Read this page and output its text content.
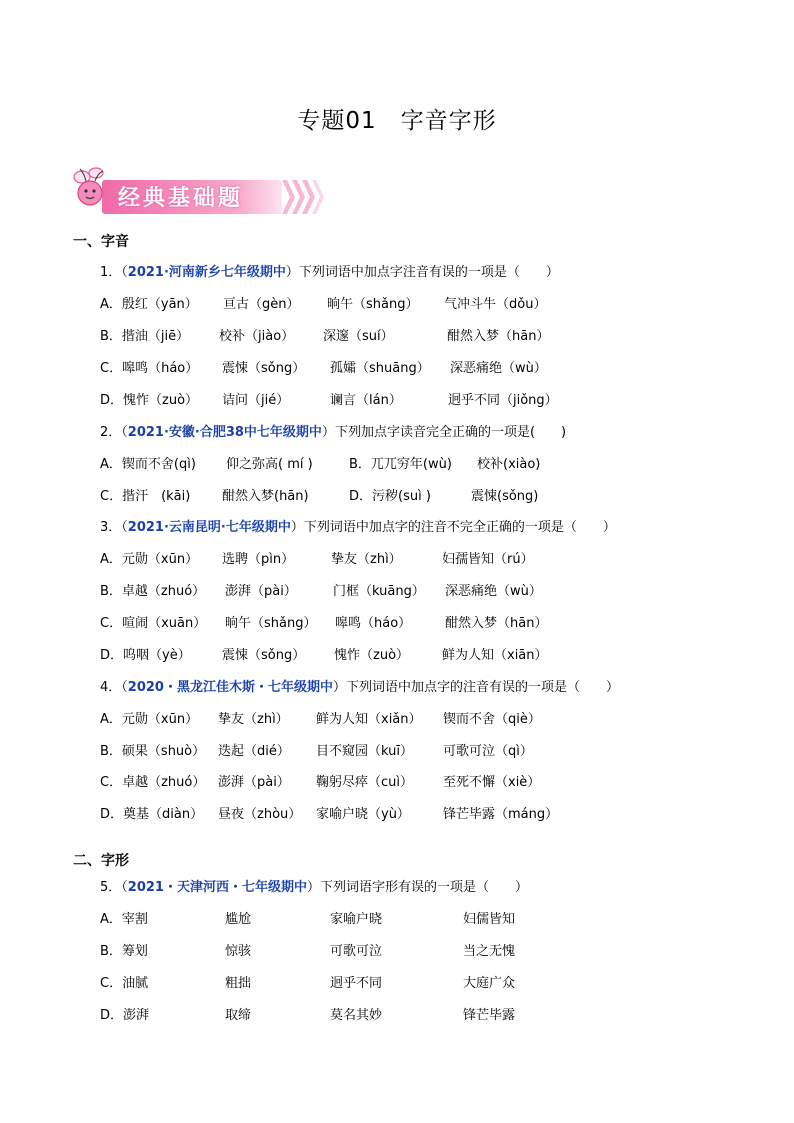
专题01　字音字形
经典基础题
一、字音
二、字形
1．（2021·河南新乡七年级期中）下列词语中加点字注音有误的一项是（　　）
A．殷红（yān） 亘古（gèn） 晌午（shǎng） 气冲斗牛（dǒu）
B．揩油（jiē） 校补（jiào） 深邃（suí）	酣然入梦（hān）
C．嗥鸣（háo） 震悚（sǒng） 孤孀（shuāng） 深恶痛绝（wù）
D．愧怍（zuò） 诘问（jié）	谰言（lán）	迥乎不同（jiǒng）
2．（2021·安徽·合肥38中七年级期中）下列加点字读音完全正确的一项是(　　)
A．锲而不舍(qì) 仰之弥高( mí )	B．兀兀穷年(wù) 校补(xiào)
C．揩汗　(kāi) 酣然入梦(hān)	D．污秽(suì )	震悚(sǒng)
3．（2021·云南昆明·七年级期中）下列词语中加点字的注音不完全正确的一项是（　　）
A．元勋（xūn） 选聘（pìn）	挚友（zhì）	妇孺皆知（rú）
B．卓越（zhuó） 澎湃（pài）	门框（kuāng） 深恶痛绝（wù）
C．喧闹（xuān） 晌午（shǎng） 嗥鸣（háo）	酣然入梦（hān）
D．呜咽（yè） 震悚（sǒng） 愧怍（zuò）	鲜为人知（xiān）
4．（2020・黑龙江佳木斯・七年级期中）下列词语中加点字的注音有误的一项是（　　）
A．元勋（xūn） 挚友（zhì） 鲜为人知（xiǎn） 锲而不舍（qiè）
B．硕果（shuò） 迭起（dié） 目不窥园（kuī） 可歌可泣（qì）
C．卓越（zhuó） 澎湃（pài） 鞠躬尽瘁（cuì） 至死不懈（xiè）
D．奠基（diàn） 昼夜（zhòu） 家喻户晓（yù）	锋芒毕露（máng）
5．（2021・天津河西・七年级期中）下列词语字形有误的一项是（　　）
A．宰割	尴尬	家喻户晓	妇儒皆知
B．筹划	惊骇	可歌可泣	当之无愧
C．油腻	粗拙	迥乎不同	大庭广众
D．澎湃	取缔	莫名其妙	锋芒毕露
